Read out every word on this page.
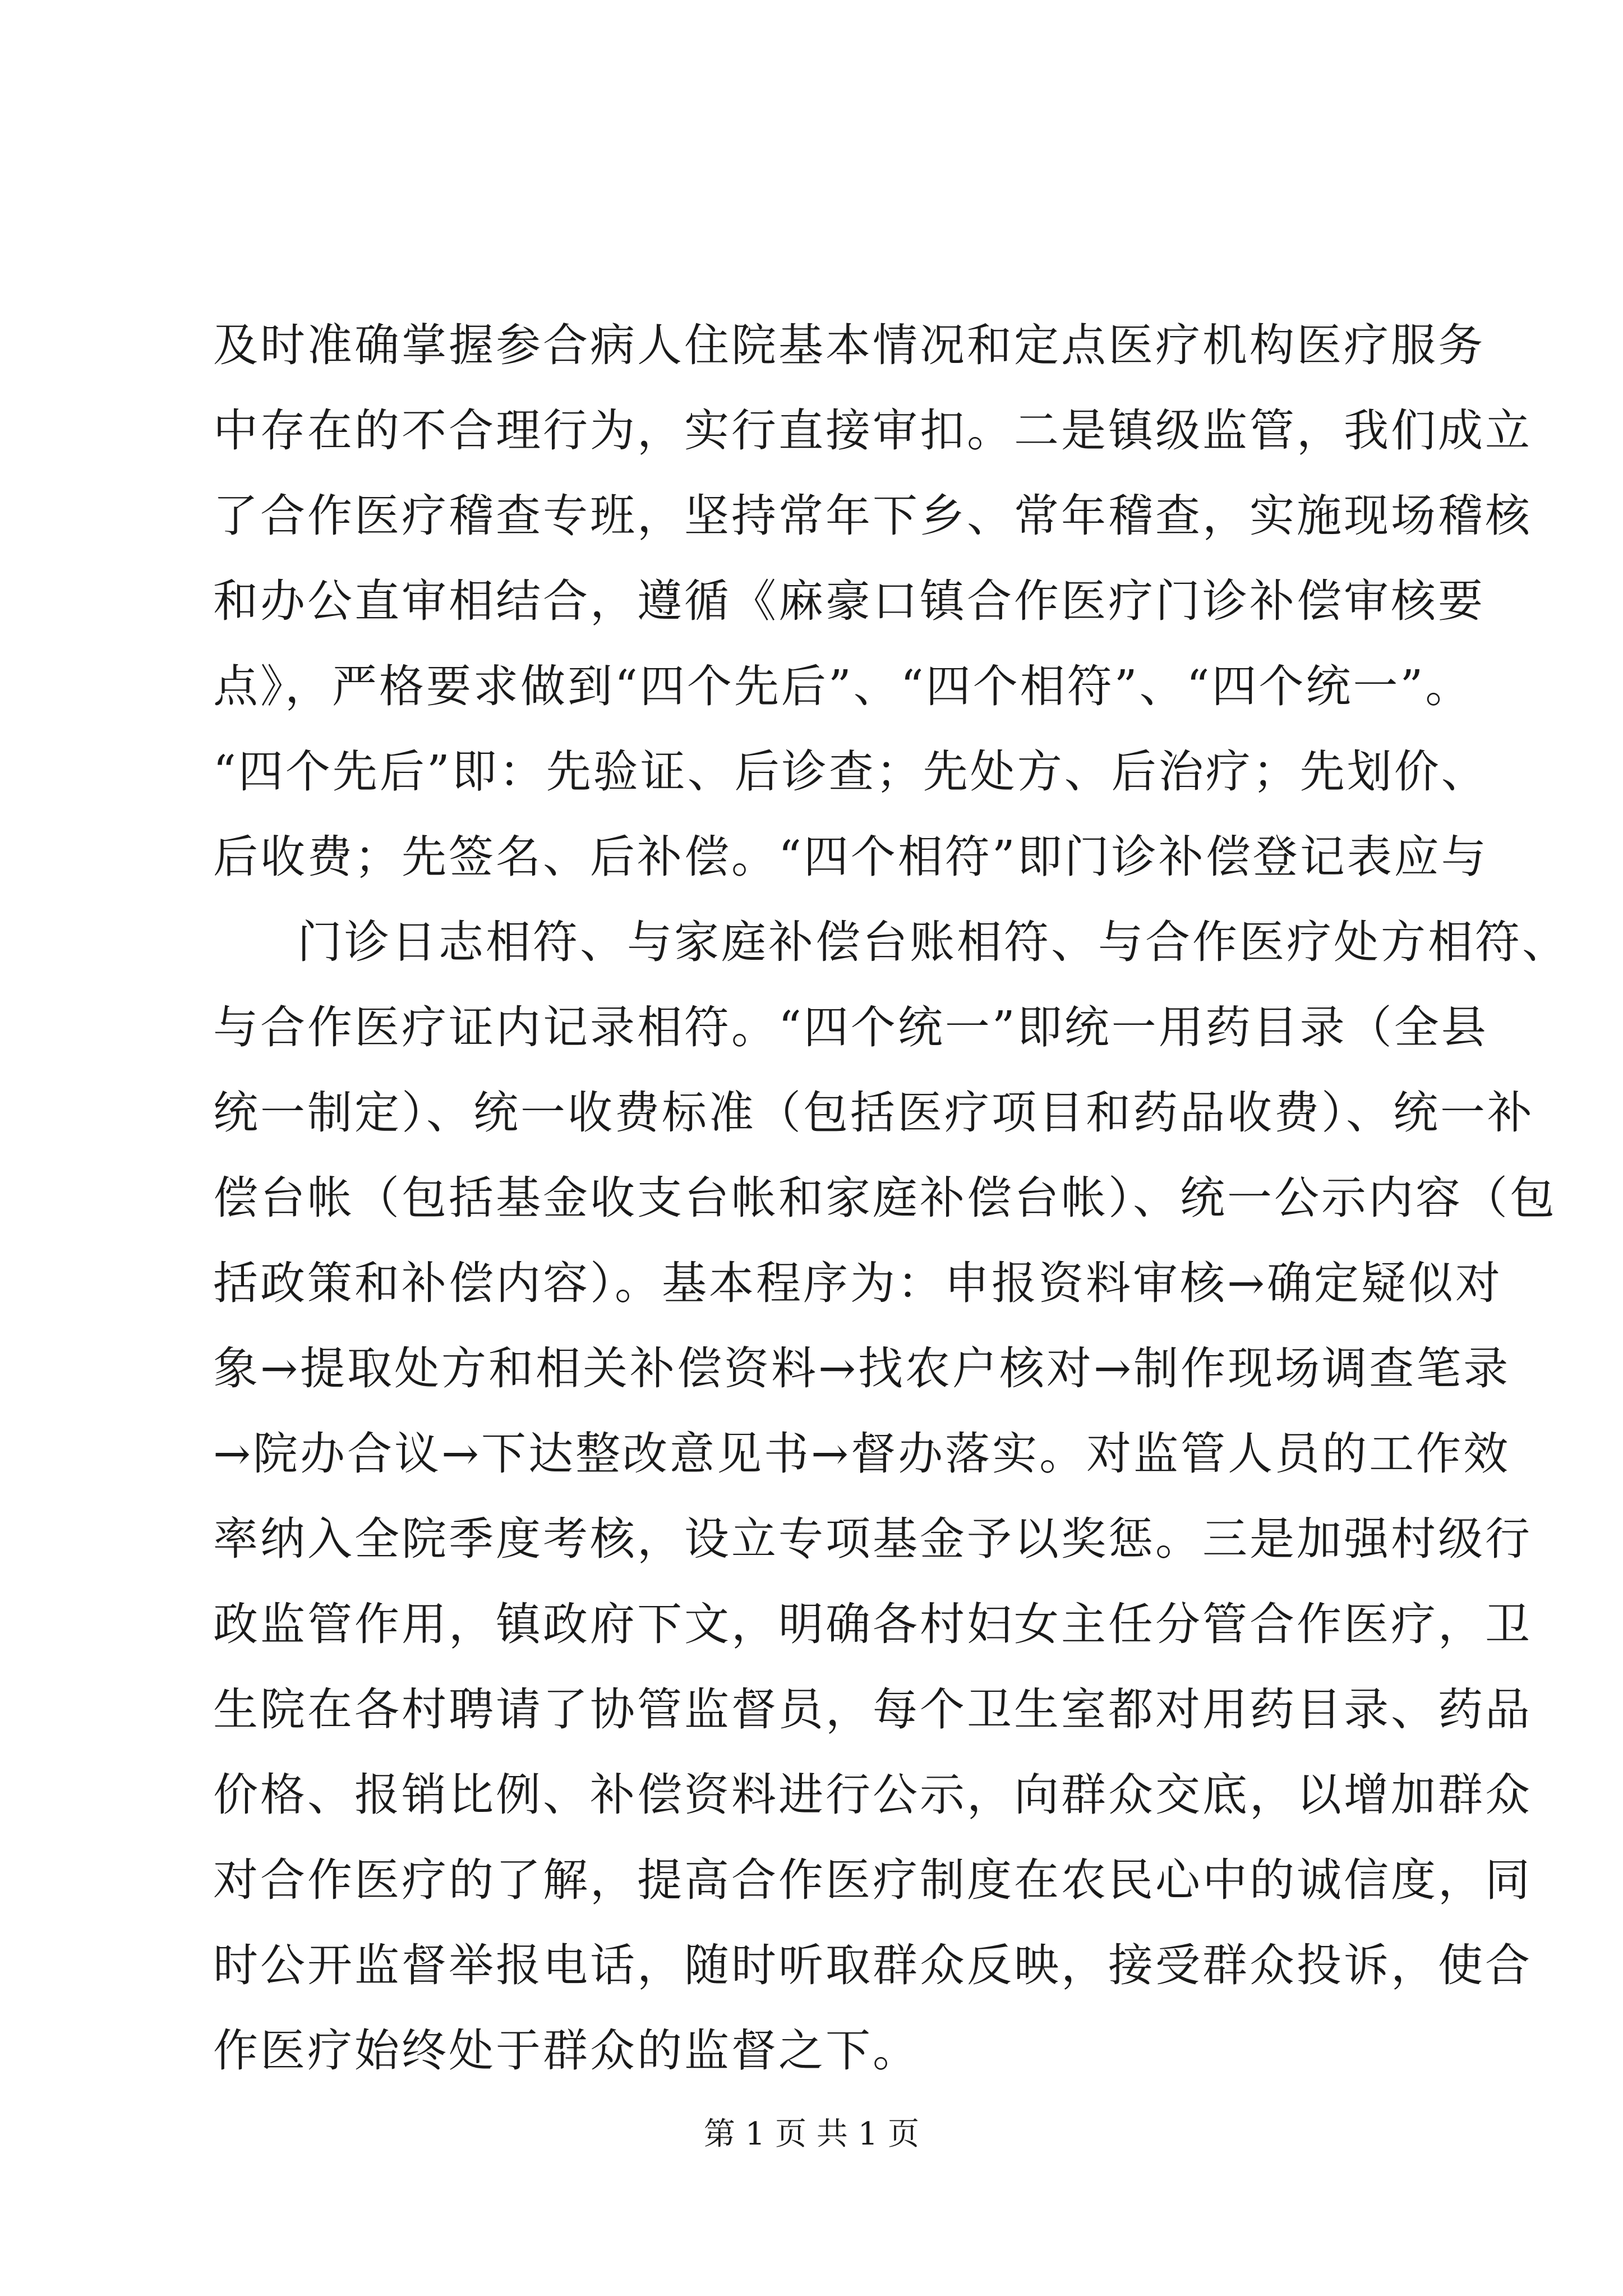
及时准确掌握参合病人住院基本情况和定点医疗机构医疗服务
中存在的不合理行为，实行直接审扣。二是镇级监管，我们成立
了合作医疗稽查专班，坚持常年下乡、常年稽查，实施现场稽核
和办公直审相结合，遵循《麻豪口镇合作医疗门诊补偿审核要
点》，严格要求做到“四个先后”、“四个相符”、“四个统一”。
“四个先后”即：先验证、后诊查；先处方、后治疗；先划价、
后收费；先签名、后补偿。“四个相符”即门诊补偿登记表应与
门诊日志相符、与家庭补偿台账相符、与合作医疗处方相符、
与合作医疗证内记录相符。“四个统一”即统一用药目录（全县
统一制定）、统一收费标准（包括医疗项目和药品收费）、统一补
偿台帐（包括基金收支台帐和家庭补偿台帐）、统一公示内容（包
括政策和补偿内容）。基本程序为：申报资料审核→确定疑似对
象→提取处方和相关补偿资料→找农户核对→制作现场调查笔录
→院办合议→下达整改意见书→督办落实。对监管人员的工作效
率纳入全院季度考核，设立专项基金予以奖惩。三是加强村级行
政监管作用，镇政府下文，明确各村妇女主任分管合作医疗，卫
生院在各村聘请了协管监督员，每个卫生室都对用药目录、药品
价格、报销比例、补偿资料进行公示，向群众交底，以增加群众
对合作医疗的了解，提高合作医疗制度在农民心中的诚信度，同
时公开监督举报电话，随时听取群众反映，接受群众投诉，使合
作医疗始终处于群众的监督之下。
第 1 页 共 1 页
